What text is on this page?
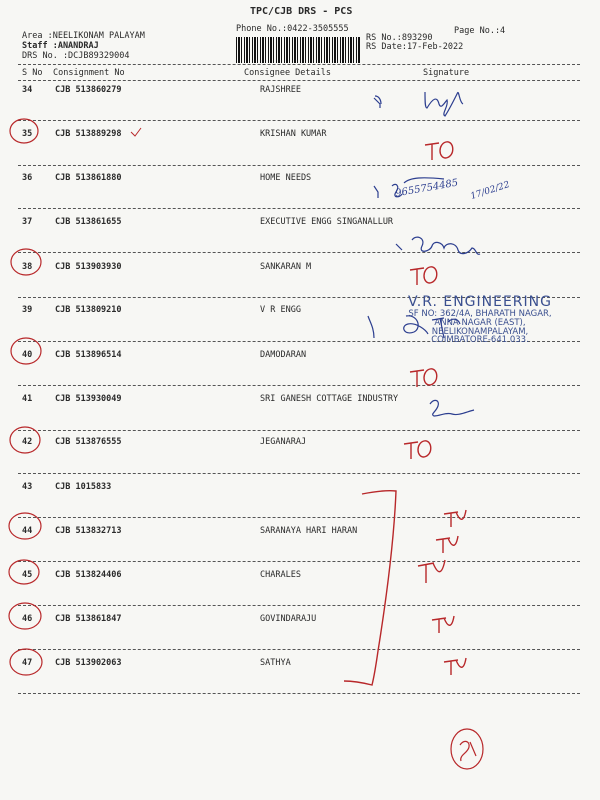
TPC/CJB DRS - PCS
Phone No.:0422-3505555	Page No.:4
Area :NEELIKONAM PALAYAM
Staff :ANANDRAJ
DRS No. :DCJB89329004
RS No.:893290
RS Date:17-Feb-2022
S No Consignment No	Consignee Details	Signature
34	CJB 513860279	RAJSHREE
35	CJB 513889298	KRISHAN KUMAR
36	CJB 513861880	HOME NEEDS
37	CJB 513861655	EXECUTIVE ENGG SINGANALLUR
38	CJB 513903930	SANKARAN M
39	CJB 513809210	V R ENGG
40	CJB 513896514	DAMODARAN
41	CJB 513930049	SRI GANESH COTTAGE INDUSTRY
42	CJB 513876555	JEGANARAJ
43	CJB 1015833
44	CJB 513832713	SARANAYA HARI HARAN
45	CJB 513824406	CHARALES
46	CJB 513861847	GOVINDARAJU
47	CJB 513902063	SATHYA
V.R. ENGINEERING
SF NO: 362/4A, BHARATH NAGAR,
ANNA NAGAR (EAST),
NEELIKONAMPALAYAM,
COIMBATORE-641 033.
9655754485 17/02/22
